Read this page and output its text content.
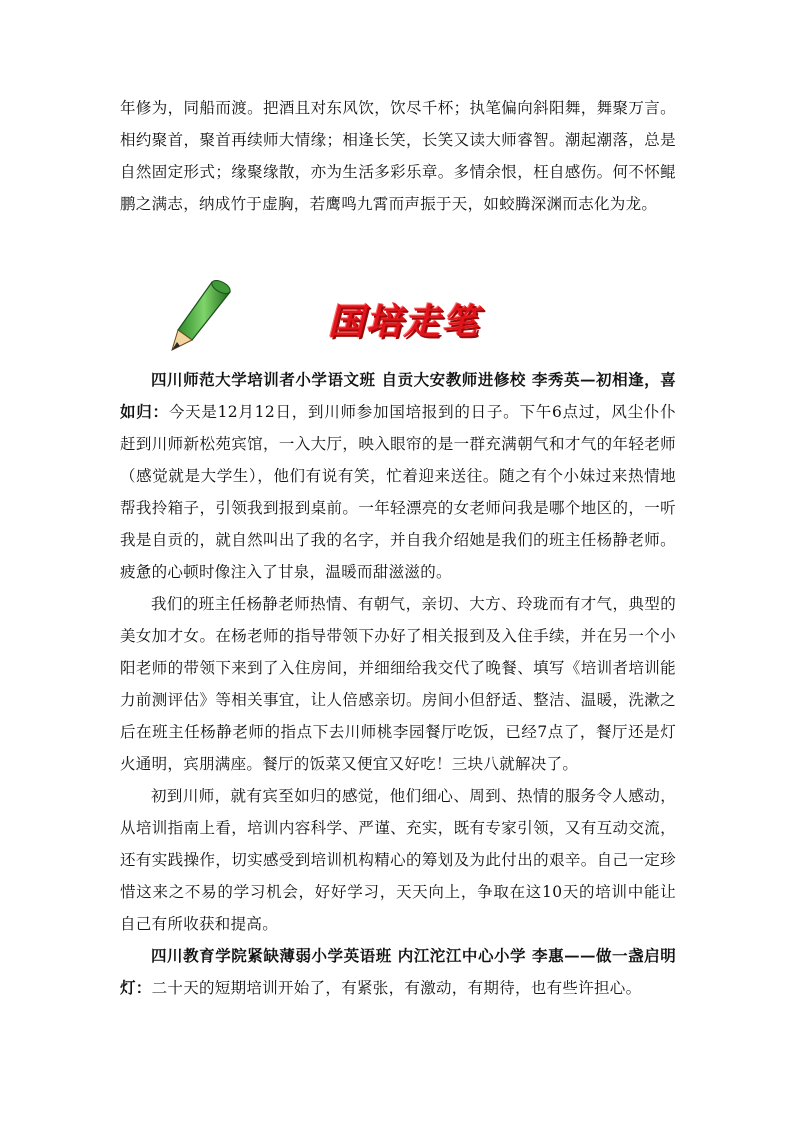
年修为，同船而渡。把酒且对东风饮，饮尽千杯；执笔偏向斜阳舞，舞聚万言。相约聚首，聚首再续师大情缘；相逢长笑，长笑又读大师睿智。潮起潮落，总是自然固定形式；缘聚缘散，亦为生活多彩乐章。多情余恨，枉自感伤。何不怀鲲鹏之满志，纳成竹于虚胸，若鹰鸣九霄而声振于天，如蛟腾深渊而志化为龙。

国培走笔

四川师范大学培训者小学语文班 自贡大安教师进修校 李秀英—初相逢，喜如归：今天是12月12日，到川师参加国培报到的日子。下午6点过，风尘仆仆赶到川师新松苑宾馆，一入大厅，映入眼帘的是一群充满朝气和才气的年轻老师（感觉就是大学生），他们有说有笑，忙着迎来送往。随之有个小妹过来热情地帮我拎箱子，引领我到报到桌前。一年轻漂亮的女老师问我是哪个地区的，一听我是自贡的，就自然叫出了我的名字，并自我介绍她是我们的班主任杨静老师。疲惫的心顿时像注入了甘泉，温暖而甜滋滋的。

我们的班主任杨静老师热情、有朝气，亲切、大方、玲珑而有才气，典型的美女加才女。在杨老师的指导带领下办好了相关报到及入住手续，并在另一个小阳老师的带领下来到了入住房间，并细细给我交代了晚餐、填写《培训者培训能力前测评估》等相关事宜，让人倍感亲切。房间小但舒适、整洁、温暖，洗漱之后在班主任杨静老师的指点下去川师桃李园餐厅吃饭，已经7点了，餐厅还是灯火通明，宾朋满座。餐厅的饭菜又便宜又好吃！三块八就解决了。

初到川师，就有宾至如归的感觉，他们细心、周到、热情的服务令人感动，从培训指南上看，培训内容科学、严谨、充实，既有专家引领，又有互动交流，还有实践操作，切实感受到培训机构精心的筹划及为此付出的艰辛。自己一定珍惜这来之不易的学习机会，好好学习，天天向上，争取在这10天的培训中能让自己有所收获和提高。

四川教育学院紧缺薄弱小学英语班 内江沱江中心小学 李惠——做一盏启明灯：二十天的短期培训开始了，有紧张，有激动，有期待，也有些许担心。
